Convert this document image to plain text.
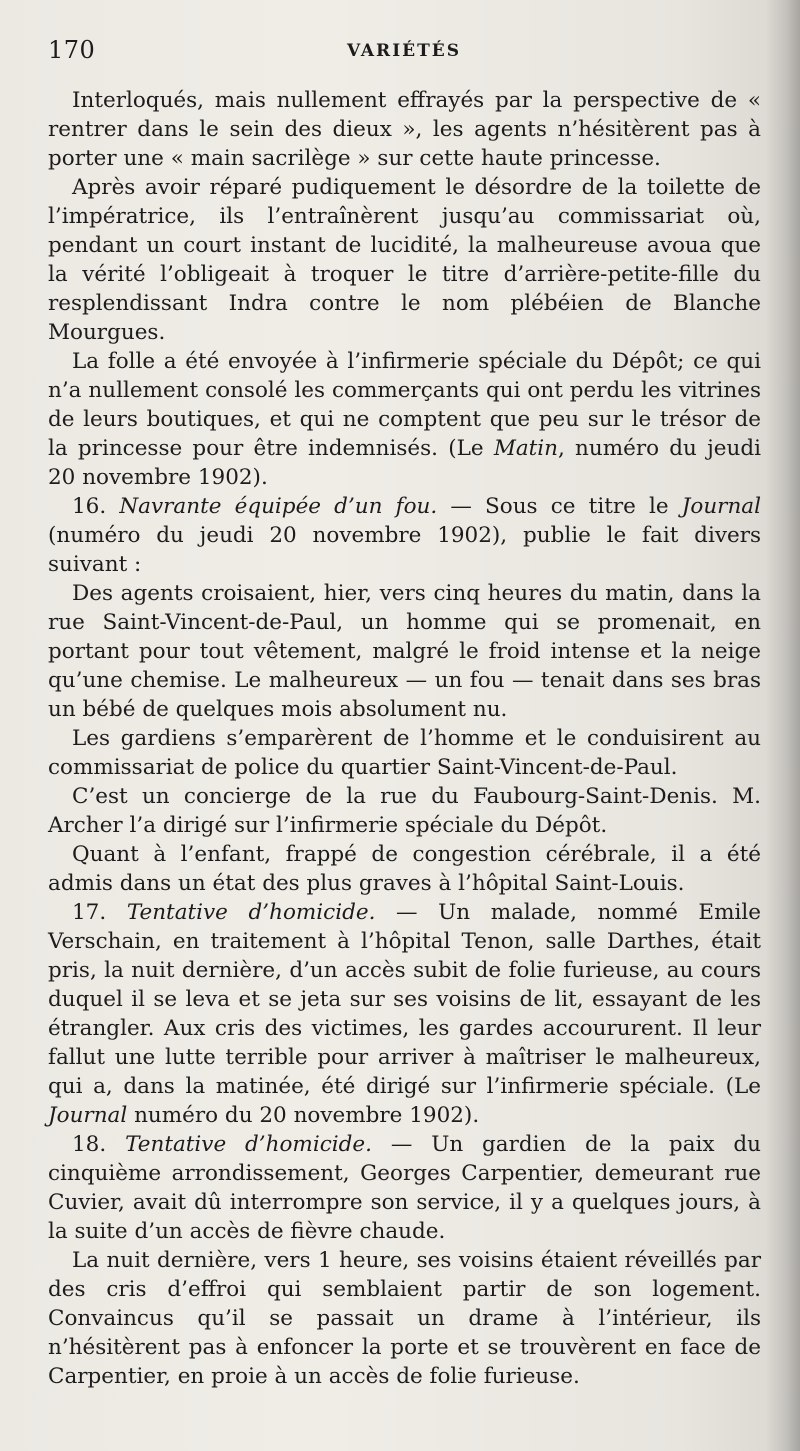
170	VARIÉTÉS

Interloqués, mais nullement effrayés par la perspective de « rentrer dans le sein des dieux », les agents n’hésitèrent pas à porter une « main sacrilège » sur cette haute princesse.

Après avoir réparé pudiquement le désordre de la toilette de l’impératrice, ils l’entraînèrent jusqu’au commissariat où, pendant un court instant de lucidité, la malheureuse avoua que la vérité l’obligeait à troquer le titre d’arrière-petite-fille du resplendissant Indra contre le nom plébéien de Blanche Mourgues.

La folle a été envoyée à l’infirmerie spéciale du Dépôt; ce qui n’a nullement consolé les commerçants qui ont perdu les vitrines de leurs boutiques, et qui ne comptent que peu sur le trésor de la princesse pour être indemnisés. (Le Matin, numéro du jeudi 20 novembre 1902).

16. Navrante équipée d’un fou. — Sous ce titre le Journal (numéro du jeudi 20 novembre 1902), publie le fait divers suivant :

Des agents croisaient, hier, vers cinq heures du matin, dans la rue Saint-Vincent-de-Paul, un homme qui se promenait, en portant pour tout vêtement, malgré le froid intense et la neige qu’une chemise. Le malheureux — un fou — tenait dans ses bras un bébé de quelques mois absolument nu.

Les gardiens s’emparèrent de l’homme et le conduisirent au commissariat de police du quartier Saint-Vincent-de-Paul.

C’est un concierge de la rue du Faubourg-Saint-Denis. M. Archer l’a dirigé sur l’infirmerie spéciale du Dépôt.

Quant à l’enfant, frappé de congestion cérébrale, il a été admis dans un état des plus graves à l’hôpital Saint-Louis.

17. Tentative d’homicide. — Un malade, nommé Emile Verschain, en traitement à l’hôpital Tenon, salle Darthes, était pris, la nuit dernière, d’un accès subit de folie furieuse, au cours duquel il se leva et se jeta sur ses voisins de lit, essayant de les étrangler. Aux cris des victimes, les gardes accoururent. Il leur fallut une lutte terrible pour arriver à maîtriser le malheureux, qui a, dans la matinée, été dirigé sur l’infirmerie spéciale. (Le Journal numéro du 20 novembre 1902).

18. Tentative d’homicide. — Un gardien de la paix du cinquième arrondissement, Georges Carpentier, demeurant rue Cuvier, avait dû interrompre son service, il y a quelques jours, à la suite d’un accès de fièvre chaude.

La nuit dernière, vers 1 heure, ses voisins étaient réveillés par des cris d’effroi qui semblaient partir de son logement. Convaincus qu’il se passait un drame à l’intérieur, ils n’hésitèrent pas à enfoncer la porte et se trouvèrent en face de Carpentier, en proie à un accès de folie furieuse.
